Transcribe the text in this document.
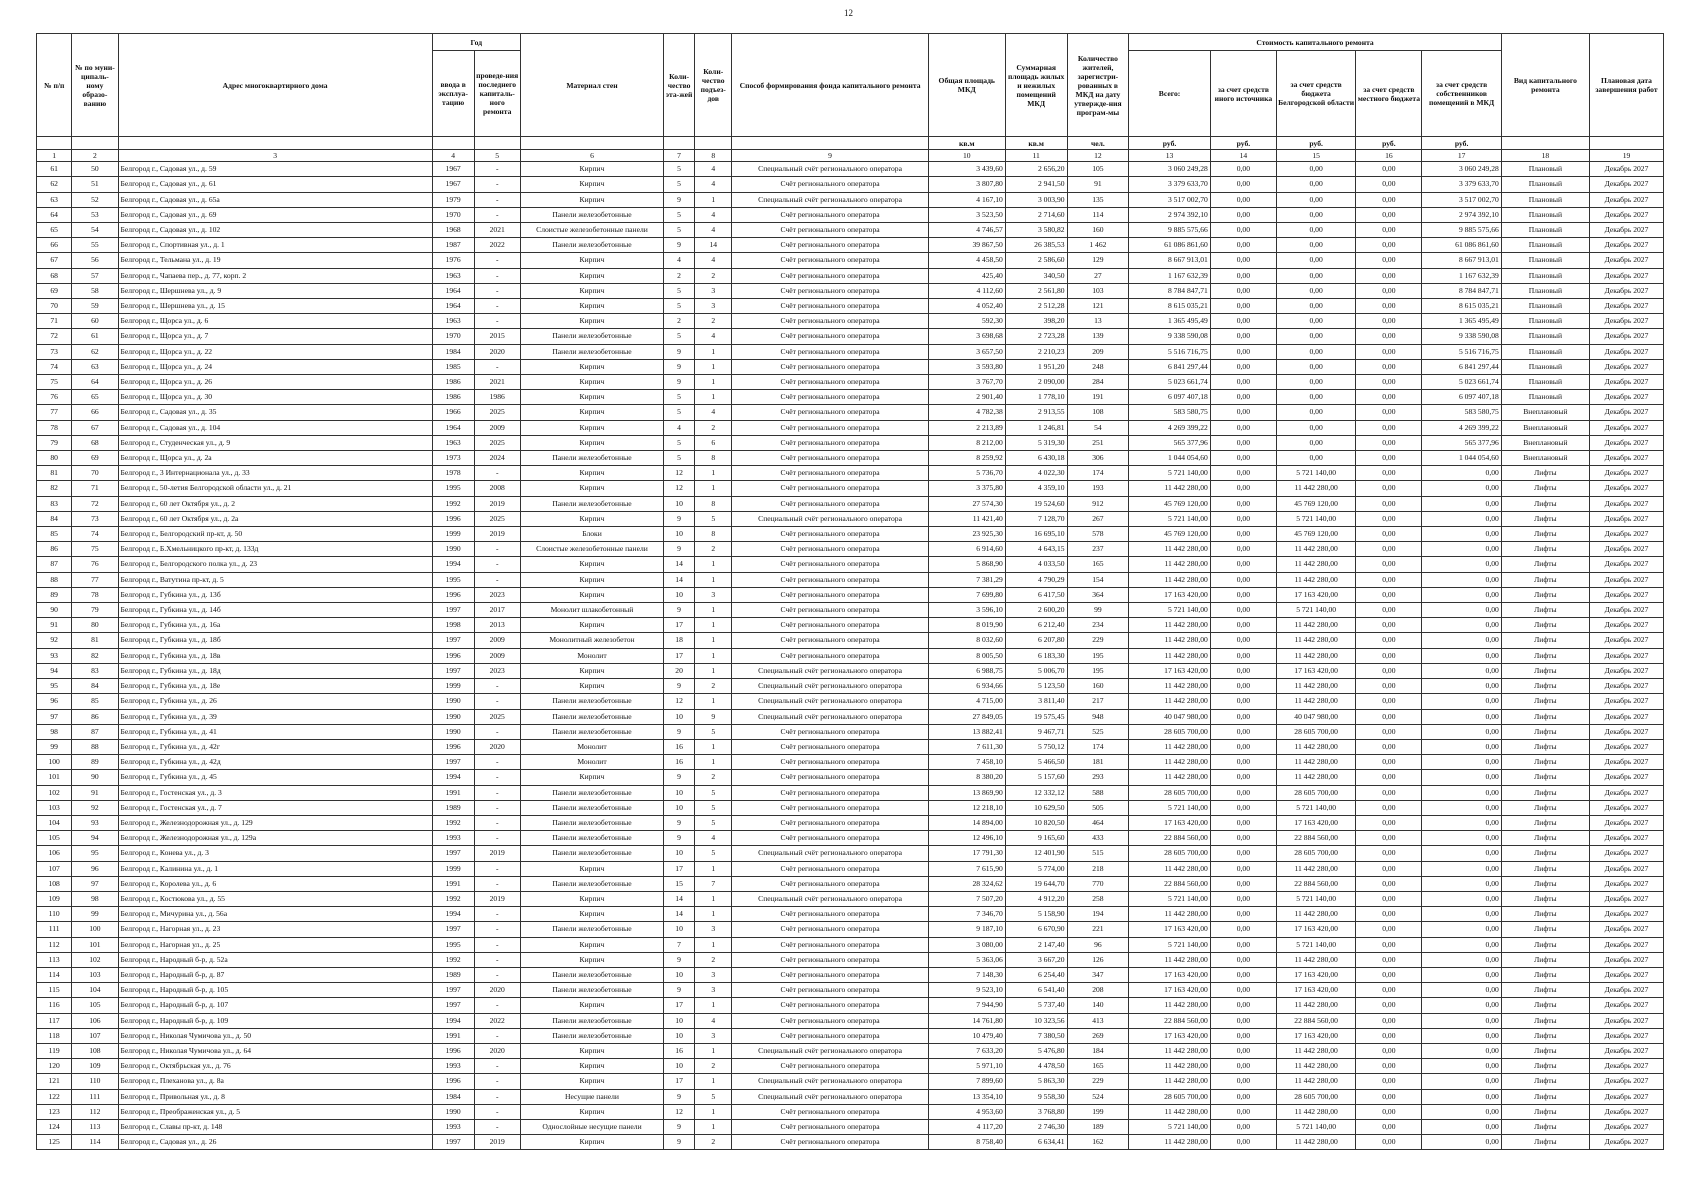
12
№ п/п	№ по муни-ципаль-ному образо-ванию	Адрес многоквартирного дома	Год		Материал стен	Коли-чество эта-жей	Коли-чество подъез-дов	Способ формирования фонда капитального ремонта	Общая площадь МКД	Суммарная площадь жилых и нежилых помещений МКД	Количество жителей, зарегистри-рованных в МКД на дату утвержде-ния програм-мы	Стоимость капитального ремонта					Вид капитального ремонта	Плановая дата завершения работ
			ввода в эксплуа-тацию	проведе-ния последнего капиталь-ного ремонта								Всего:	за счет средств иного источника	за счет средств бюджета Белгородской области	за счет средств местного бюджета	за счет средств собственников помещений в МКД		
									кв.м	кв.м	чел.	руб.	руб.	руб.	руб.	руб.		
1	2	3	4	5	6	7	8	9	10	11	12	13	14	15	16	17	18	19
61	50	Белгород г., Садовая ул., д. 59	1967	-	Кирпич	5	4	Специальный счёт регионального оператора	3 439,60	2 656,20	105	3 060 249,28	0,00	0,00	0,00	3 060 249,28	Плановый	Декабрь 2027
62	51	Белгород г., Садовая ул., д. 61	1967	-	Кирпич	5	4	Счёт регионального оператора	3 807,80	2 941,50	91	3 379 633,70	0,00	0,00	0,00	3 379 633,70	Плановый	Декабрь 2027
63	52	Белгород г., Садовая ул., д. 65а	1979	-	Кирпич	9	1	Специальный счёт регионального оператора	4 167,10	3 003,90	135	3 517 002,70	0,00	0,00	0,00	3 517 002,70	Плановый	Декабрь 2027
64	53	Белгород г., Садовая ул., д. 69	1970	-	Панели железобетонные	5	4	Счёт регионального оператора	3 523,50	2 714,60	114	2 974 392,10	0,00	0,00	0,00	2 974 392,10	Плановый	Декабрь 2027
65	54	Белгород г., Садовая ул., д. 102	1968	2021	Слоистые железобетонные панели	5	4	Счёт регионального оператора	4 746,57	3 580,82	160	9 885 575,66	0,00	0,00	0,00	9 885 575,66	Плановый	Декабрь 2027
66	55	Белгород г., Спортивная ул., д. 1	1987	2022	Панели железобетонные	9	14	Счёт регионального оператора	39 867,50	26 385,53	1 462	61 086 861,60	0,00	0,00	0,00	61 086 861,60	Плановый	Декабрь 2027
67	56	Белгород г., Тельмана ул., д. 19	1976	-	Кирпич	4	4	Счёт регионального оператора	4 458,50	2 586,60	129	8 667 913,01	0,00	0,00	0,00	8 667 913,01	Плановый	Декабрь 2027
68	57	Белгород г., Чапаева пер., д. 77, корп. 2	1963	-	Кирпич	2	2	Счёт регионального оператора	425,40	340,50	27	1 167 632,39	0,00	0,00	0,00	1 167 632,39	Плановый	Декабрь 2027
69	58	Белгород г., Шершнева ул., д. 9	1964	-	Кирпич	5	3	Счёт регионального оператора	4 112,60	2 561,80	103	8 784 847,71	0,00	0,00	0,00	8 784 847,71	Плановый	Декабрь 2027
70	59	Белгород г., Шершнева ул., д. 15	1964	-	Кирпич	5	3	Счёт регионального оператора	4 052,40	2 512,28	121	8 615 035,21	0,00	0,00	0,00	8 615 035,21	Плановый	Декабрь 2027
71	60	Белгород г., Щорса ул., д. 6	1963	-	Кирпич	2	2	Счёт регионального оператора	592,30	398,20	13	1 365 495,49	0,00	0,00	0,00	1 365 495,49	Плановый	Декабрь 2027
72	61	Белгород г., Щорса ул., д. 7	1970	2015	Панели железобетонные	5	4	Счёт регионального оператора	3 698,68	2 723,28	139	9 338 590,08	0,00	0,00	0,00	9 338 590,08	Плановый	Декабрь 2027
73	62	Белгород г., Щорса ул., д. 22	1984	2020	Панели железобетонные	9	1	Счёт регионального оператора	3 657,50	2 210,23	209	5 516 716,75	0,00	0,00	0,00	5 516 716,75	Плановый	Декабрь 2027
74	63	Белгород г., Щорса ул., д. 24	1985	-	Кирпич	9	1	Счёт регионального оператора	3 593,80	1 951,20	248	6 841 297,44	0,00	0,00	0,00	6 841 297,44	Плановый	Декабрь 2027
75	64	Белгород г., Щорса ул., д. 26	1986	2021	Кирпич	9	1	Счёт регионального оператора	3 767,70	2 090,00	284	5 023 661,74	0,00	0,00	0,00	5 023 661,74	Плановый	Декабрь 2027
76	65	Белгород г., Щорса ул., д. 30	1986	1986	Кирпич	5	1	Счёт регионального оператора	2 901,40	1 778,10	191	6 097 407,18	0,00	0,00	0,00	6 097 407,18	Плановый	Декабрь 2027
77	66	Белгород г., Садовая ул., д. 35	1966	2025	Кирпич	5	4	Счёт регионального оператора	4 782,38	2 913,55	108	583 580,75	0,00	0,00	0,00	583 580,75	Внеплановый	Декабрь 2027
78	67	Белгород г., Садовая ул., д. 104	1964	2009	Кирпич	4	2	Счёт регионального оператора	2 213,89	1 246,81	54	4 269 399,22	0,00	0,00	0,00	4 269 399,22	Внеплановый	Декабрь 2027
79	68	Белгород г., Студенческая ул., д. 9	1963	2025	Кирпич	5	6	Счёт регионального оператора	8 212,00	5 319,30	251	565 377,96	0,00	0,00	0,00	565 377,96	Внеплановый	Декабрь 2027
80	69	Белгород г., Щорса ул., д. 2а	1973	2024	Панели железобетонные	5	8	Счёт регионального оператора	8 259,92	6 430,18	306	1 044 054,60	0,00	0,00	0,00	1 044 054,60	Внеплановый	Декабрь 2027
81	70	Белгород г., 3 Интернационала ул., д. 33	1978	-	Кирпич	12	1	Счёт регионального оператора	5 736,70	4 022,30	174	5 721 140,00	0,00	5 721 140,00	0,00	0,00	Лифты	Декабрь 2027
82	71	Белгород г., 50-летия Белгородской области ул., д. 21	1995	2008	Кирпич	12	1	Счёт регионального оператора	3 375,80	4 359,10	193	11 442 280,00	0,00	11 442 280,00	0,00	0,00	Лифты	Декабрь 2027
83	72	Белгород г., 60 лет Октября ул., д. 2	1992	2019	Панели железобетонные	10	8	Счёт регионального оператора	27 574,30	19 524,60	912	45 769 120,00	0,00	45 769 120,00	0,00	0,00	Лифты	Декабрь 2027
84	73	Белгород г., 60 лет Октября ул., д. 2а	1996	2025	Кирпич	9	5	Специальный счёт регионального оператора	11 421,40	7 128,70	267	5 721 140,00	0,00	5 721 140,00	0,00	0,00	Лифты	Декабрь 2027
85	74	Белгород г., Белгородский пр-кт, д. 50	1999	2019	Блоки	10	8	Счёт регионального оператора	23 925,30	16 695,10	578	45 769 120,00	0,00	45 769 120,00	0,00	0,00	Лифты	Декабрь 2027
86	75	Белгород г., Б.Хмельницкого пр-кт, д. 133д	1990	-	Слоистые железобетонные панели	9	2	Счёт регионального оператора	6 914,60	4 643,15	237	11 442 280,00	0,00	11 442 280,00	0,00	0,00	Лифты	Декабрь 2027
87	76	Белгород г., Белгородского полка ул., д. 23	1994	-	Кирпич	14	1	Счёт регионального оператора	5 868,90	4 033,50	165	11 442 280,00	0,00	11 442 280,00	0,00	0,00	Лифты	Декабрь 2027
88	77	Белгород г., Ватутина пр-кт, д. 5	1995	-	Кирпич	14	1	Счёт регионального оператора	7 381,29	4 790,29	154	11 442 280,00	0,00	11 442 280,00	0,00	0,00	Лифты	Декабрь 2027
89	78	Белгород г., Губкина ул., д. 13б	1996	2023	Кирпич	10	3	Счёт регионального оператора	7 699,80	6 417,50	364	17 163 420,00	0,00	17 163 420,00	0,00	0,00	Лифты	Декабрь 2027
90	79	Белгород г., Губкина ул., д. 14б	1997	2017	Монолит шлакобетонный	9	1	Счёт регионального оператора	3 596,10	2 600,20	99	5 721 140,00	0,00	5 721 140,00	0,00	0,00	Лифты	Декабрь 2027
91	80	Белгород г., Губкина ул., д. 16а	1998	2013	Кирпич	17	1	Счёт регионального оператора	8 019,90	6 212,40	234	11 442 280,00	0,00	11 442 280,00	0,00	0,00	Лифты	Декабрь 2027
92	81	Белгород г., Губкина ул., д. 18б	1997	2009	Монолитный железобетон	18	1	Счёт регионального оператора	8 032,60	6 207,80	229	11 442 280,00	0,00	11 442 280,00	0,00	0,00	Лифты	Декабрь 2027
93	82	Белгород г., Губкина ул., д. 18в	1996	2009	Монолит	17	1	Счёт регионального оператора	8 005,50	6 183,30	195	11 442 280,00	0,00	11 442 280,00	0,00	0,00	Лифты	Декабрь 2027
94	83	Белгород г., Губкина ул., д. 18д	1997	2023	Кирпич	20	1	Специальный счёт регионального оператора	6 988,75	5 006,70	195	17 163 420,00	0,00	17 163 420,00	0,00	0,00	Лифты	Декабрь 2027
95	84	Белгород г., Губкина ул., д. 18е	1999	-	Кирпич	9	2	Специальный счёт регионального оператора	6 934,66	5 123,50	160	11 442 280,00	0,00	11 442 280,00	0,00	0,00	Лифты	Декабрь 2027
96	85	Белгород г., Губкина ул., д. 26	1990	-	Панели железобетонные	12	1	Специальный счёт регионального оператора	4 715,00	3 811,40	217	11 442 280,00	0,00	11 442 280,00	0,00	0,00	Лифты	Декабрь 2027
97	86	Белгород г., Губкина ул., д. 39	1990	2025	Панели железобетонные	10	9	Специальный счёт регионального оператора	27 849,05	19 575,45	948	40 047 980,00	0,00	40 047 980,00	0,00	0,00	Лифты	Декабрь 2027
98	87	Белгород г., Губкина ул., д. 41	1990	-	Панели железобетонные	9	5	Счёт регионального оператора	13 882,41	9 467,71	525	28 605 700,00	0,00	28 605 700,00	0,00	0,00	Лифты	Декабрь 2027
99	88	Белгород г., Губкина ул., д. 42г	1996	2020	Монолит	16	1	Счёт регионального оператора	7 611,30	5 750,12	174	11 442 280,00	0,00	11 442 280,00	0,00	0,00	Лифты	Декабрь 2027
100	89	Белгород г., Губкина ул., д. 42д	1997	-	Монолит	16	1	Счёт регионального оператора	7 458,10	5 466,50	181	11 442 280,00	0,00	11 442 280,00	0,00	0,00	Лифты	Декабрь 2027
101	90	Белгород г., Губкина ул., д. 45	1994	-	Кирпич	9	2	Счёт регионального оператора	8 380,20	5 157,60	293	11 442 280,00	0,00	11 442 280,00	0,00	0,00	Лифты	Декабрь 2027
102	91	Белгород г., Гостенская ул., д. 3	1991	-	Панели железобетонные	10	5	Счёт регионального оператора	13 869,90	12 332,12	588	28 605 700,00	0,00	28 605 700,00	0,00	0,00	Лифты	Декабрь 2027
103	92	Белгород г., Гостенская ул., д. 7	1989	-	Панели железобетонные	10	5	Счёт регионального оператора	12 218,10	10 629,50	505	5 721 140,00	0,00	5 721 140,00	0,00	0,00	Лифты	Декабрь 2027
104	93	Белгород г., Железнодорожная ул., д. 129	1992	-	Панели железобетонные	9	5	Счёт регионального оператора	14 894,00	10 820,50	464	17 163 420,00	0,00	17 163 420,00	0,00	0,00	Лифты	Декабрь 2027
105	94	Белгород г., Железнодорожная ул., д. 129а	1993	-	Панели железобетонные	9	4	Счёт регионального оператора	12 496,10	9 165,60	433	22 884 560,00	0,00	22 884 560,00	0,00	0,00	Лифты	Декабрь 2027
106	95	Белгород г., Конева ул., д. 3	1997	2019	Панели железобетонные	10	5	Специальный счёт регионального оператора	17 791,30	12 401,90	515	28 605 700,00	0,00	28 605 700,00	0,00	0,00	Лифты	Декабрь 2027
107	96	Белгород г., Калинина ул., д. 1	1999	-	Кирпич	17	1	Счёт регионального оператора	7 615,90	5 774,00	218	11 442 280,00	0,00	11 442 280,00	0,00	0,00	Лифты	Декабрь 2027
108	97	Белгород г., Королева ул., д. 6	1991	-	Панели железобетонные	15	7	Счёт регионального оператора	28 324,62	19 644,70	770	22 884 560,00	0,00	22 884 560,00	0,00	0,00	Лифты	Декабрь 2027
109	98	Белгород г., Костюкова ул., д. 55	1992	2019	Кирпич	14	1	Специальный счёт регионального оператора	7 507,20	4 912,20	258	5 721 140,00	0,00	5 721 140,00	0,00	0,00	Лифты	Декабрь 2027
110	99	Белгород г., Мичурина ул., д. 56а	1994	-	Кирпич	14	1	Счёт регионального оператора	7 346,70	5 158,90	194	11 442 280,00	0,00	11 442 280,00	0,00	0,00	Лифты	Декабрь 2027
111	100	Белгород г., Нагорная ул., д. 23	1997	-	Панели железобетонные	10	3	Счёт регионального оператора	9 187,10	6 670,90	221	17 163 420,00	0,00	17 163 420,00	0,00	0,00	Лифты	Декабрь 2027
112	101	Белгород г., Нагорная ул., д. 25	1995	-	Кирпич	7	1	Счёт регионального оператора	3 080,00	2 147,40	96	5 721 140,00	0,00	5 721 140,00	0,00	0,00	Лифты	Декабрь 2027
113	102	Белгород г., Народный б-р, д. 52а	1992	-	Кирпич	9	2	Счёт регионального оператора	5 363,06	3 667,20	126	11 442 280,00	0,00	11 442 280,00	0,00	0,00	Лифты	Декабрь 2027
114	103	Белгород г., Народный б-р, д. 87	1989	-	Панели железобетонные	10	3	Счёт регионального оператора	7 148,30	6 254,40	347	17 163 420,00	0,00	17 163 420,00	0,00	0,00	Лифты	Декабрь 2027
115	104	Белгород г., Народный б-р, д. 105	1997	2020	Панели железобетонные	9	3	Счёт регионального оператора	9 523,10	6 541,40	208	17 163 420,00	0,00	17 163 420,00	0,00	0,00	Лифты	Декабрь 2027
116	105	Белгород г., Народный б-р, д. 107	1997	-	Кирпич	17	1	Счёт регионального оператора	7 944,90	5 737,40	140	11 442 280,00	0,00	11 442 280,00	0,00	0,00	Лифты	Декабрь 2027
117	106	Белгород г., Народный б-р, д. 109	1994	2022	Панели железобетонные	10	4	Счёт регионального оператора	14 761,80	10 323,56	413	22 884 560,00	0,00	22 884 560,00	0,00	0,00	Лифты	Декабрь 2027
118	107	Белгород г., Николая Чумичова ул., д. 50	1991	-	Панели железобетонные	10	3	Счёт регионального оператора	10 479,40	7 380,50	269	17 163 420,00	0,00	17 163 420,00	0,00	0,00	Лифты	Декабрь 2027
119	108	Белгород г., Николая Чумичова ул., д. 64	1996	2020	Кирпич	16	1	Специальный счёт регионального оператора	7 633,20	5 476,80	184	11 442 280,00	0,00	11 442 280,00	0,00	0,00	Лифты	Декабрь 2027
120	109	Белгород г., Октябрьская ул., д. 76	1993	-	Кирпич	10	2	Счёт регионального оператора	5 971,10	4 478,50	165	11 442 280,00	0,00	11 442 280,00	0,00	0,00	Лифты	Декабрь 2027
121	110	Белгород г., Плеханова ул., д. 8а	1996	-	Кирпич	17	1	Специальный счёт регионального оператора	7 899,60	5 863,30	229	11 442 280,00	0,00	11 442 280,00	0,00	0,00	Лифты	Декабрь 2027
122	111	Белгород г., Привольная ул., д. 8	1984	-	Несущие панели	9	5	Специальный счёт регионального оператора	13 354,10	9 558,30	524	28 605 700,00	0,00	28 605 700,00	0,00	0,00	Лифты	Декабрь 2027
123	112	Белгород г., Преображенская ул., д. 5	1990	-	Кирпич	12	1	Счёт регионального оператора	4 953,60	3 768,80	199	11 442 280,00	0,00	11 442 280,00	0,00	0,00	Лифты	Декабрь 2027
124	113	Белгород г., Славы пр-кт, д. 148	1993	-	Однослойные несущие панели	9	1	Счёт регионального оператора	4 117,20	2 746,30	189	5 721 140,00	0,00	5 721 140,00	0,00	0,00	Лифты	Декабрь 2027
125	114	Белгород г., Садовая ул., д. 26	1997	2019	Кирпич	9	2	Счёт регионального оператора	8 758,40	6 634,41	162	11 442 280,00	0,00	11 442 280,00	0,00	0,00	Лифты	Декабрь 2027
